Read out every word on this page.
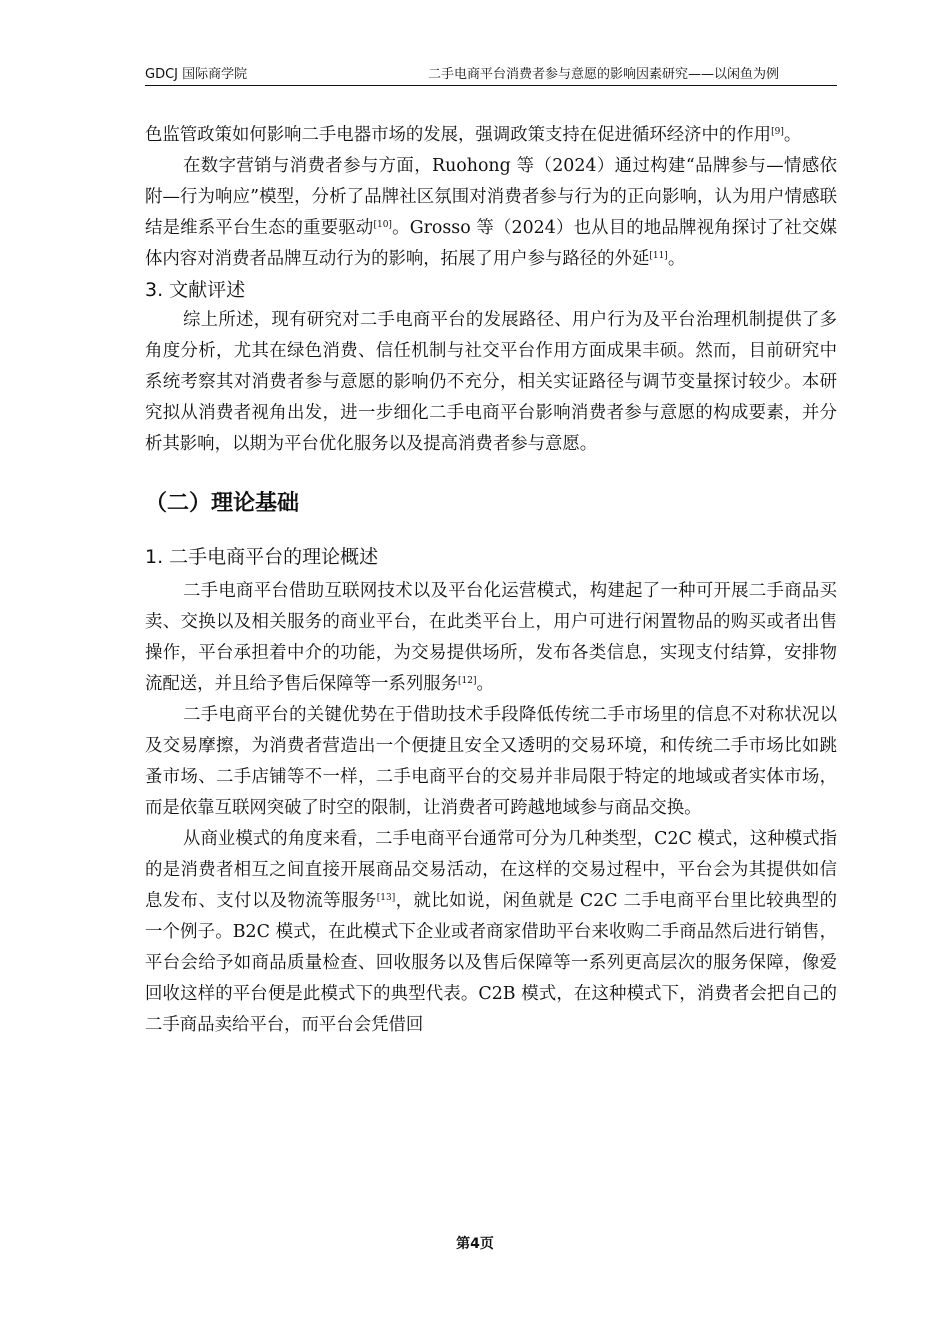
GDCJ 国际商学院	二手电商平台消费者参与意愿的影响因素研究——以闲鱼为例

色监管政策如何影响二手电器市场的发展，强调政策支持在促进循环经济中的作用[9]。

在数字营销与消费者参与方面，Ruohong 等（2024）通过构建“品牌参与—情感依附—行为响应”模型，分析了品牌社区氛围对消费者参与行为的正向影响，认为用户情感联结是维系平台生态的重要驱动[10]。Grosso 等（2024）也从目的地品牌视角探讨了社交媒体内容对消费者品牌互动行为的影响，拓展了用户参与路径的外延[11]。

3. 文献评述

综上所述，现有研究对二手电商平台的发展路径、用户行为及平台治理机制提供了多角度分析，尤其在绿色消费、信任机制与社交平台作用方面成果丰硕。然而，目前研究中系统考察其对消费者参与意愿的影响仍不充分，相关实证路径与调节变量探讨较少。本研究拟从消费者视角出发，进一步细化二手电商平台影响消费者参与意愿的构成要素，并分析其影响，以期为平台优化服务以及提高消费者参与意愿。

（二）理论基础
1. 二手电商平台的理论概述

二手电商平台借助互联网技术以及平台化运营模式，构建起了一种可开展二手商品买卖、交换以及相关服务的商业平台，在此类平台上，用户可进行闲置物品的购买或者出售操作，平台承担着中介的功能，为交易提供场所，发布各类信息，实现支付结算，安排物流配送，并且给予售后保障等一系列服务[12]。

二手电商平台的关键优势在于借助技术手段降低传统二手市场里的信息不对称状况以及交易摩擦，为消费者营造出一个便捷且安全又透明的交易环境，和传统二手市场比如跳蚤市场、二手店铺等不一样，二手电商平台的交易并非局限于特定的地域或者实体市场，而是依靠互联网突破了时空的限制，让消费者可跨越地域参与商品交换。

从商业模式的角度来看，二手电商平台通常可分为几种类型，C2C 模式，这种模式指的是消费者相互之间直接开展商品交易活动，在这样的交易过程中，平台会为其提供如信息发布、支付以及物流等服务[13]，就比如说，闲鱼就是 C2C 二手电商平台里比较典型的一个例子。B2C 模式，在此模式下企业或者商家借助平台来收购二手商品然后进行销售，平台会给予如商品质量检查、回收服务以及售后保障等一系列更高层次的服务保障，像爱回收这样的平台便是此模式下的典型代表。C2B 模式，在这种模式下，消费者会把自己的二手商品卖给平台，而平台会凭借回

第4页
